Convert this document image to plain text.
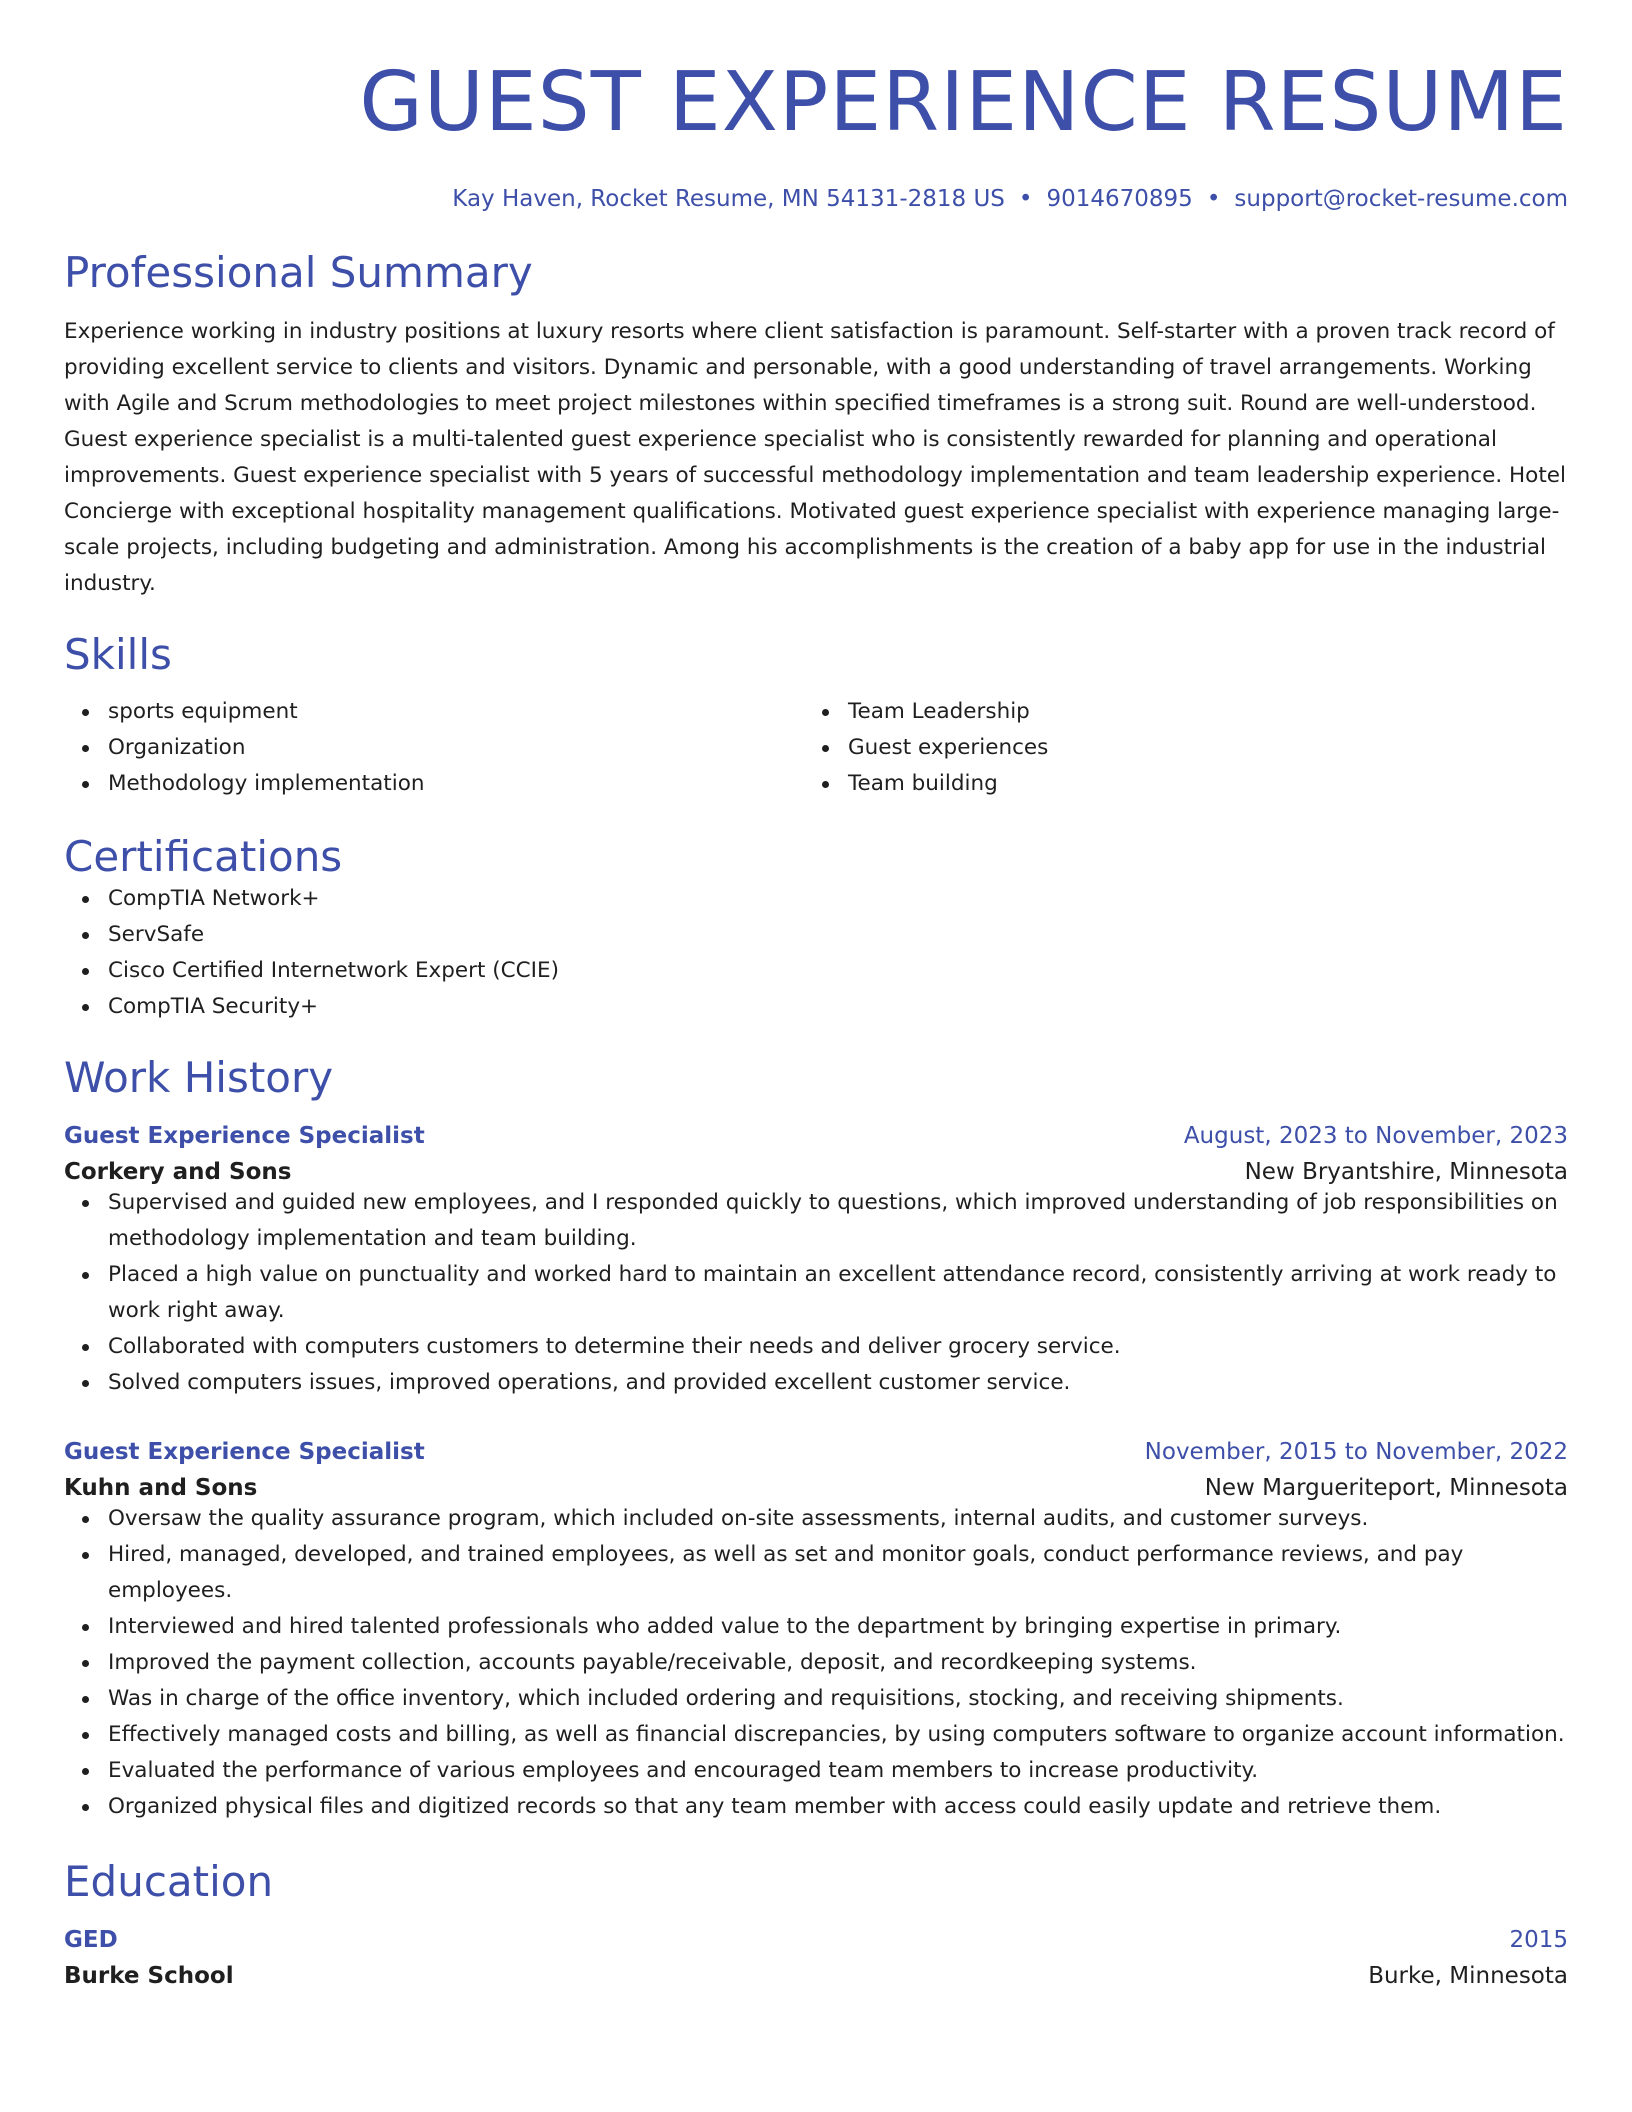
GUEST EXPERIENCE RESUME
Kay Haven, Rocket Resume, MN 54131-2818 US • 9014670895 • support@rocket-resume.com
Professional Summary

Experience working in industry positions at luxury resorts where client satisfaction is paramount. Self-starter with a proven track record of providing excellent service to clients and visitors. Dynamic and personable, with a good understanding of travel arrangements. Working with Agile and Scrum methodologies to meet project milestones within specified timeframes is a strong suit. Round are well-understood. Guest experience specialist is a multi-talented guest experience specialist who is consistently rewarded for planning and operational improvements. Guest experience specialist with 5 years of successful methodology implementation and team leadership experience. Hotel Concierge with exceptional hospitality management qualifications. Motivated guest experience specialist with experience managing large-scale projects, including budgeting and administration. Among his accomplishments is the creation of a baby app for use in the industrial industry.

Skills
sports equipment
Organization
Methodology implementation
Team Leadership
Guest experiences
Team building
Certifications
CompTIA Network+
ServSafe
Cisco Certified Internetwork Expert (CCIE)
CompTIA Security+
Work History
Guest Experience Specialist	August, 2023 to November, 2023
Corkery and Sons	New Bryantshire, Minnesota
Supervised and guided new employees, and I responded quickly to questions, which improved understanding of job responsibilities on methodology implementation and team building.
Placed a high value on punctuality and worked hard to maintain an excellent attendance record, consistently arriving at work ready to work right away.
Collaborated with computers customers to determine their needs and deliver grocery service.
Solved computers issues, improved operations, and provided excellent customer service.
Guest Experience Specialist	November, 2015 to November, 2022
Kuhn and Sons	New Margueriteport, Minnesota
Oversaw the quality assurance program, which included on-site assessments, internal audits, and customer surveys.
Hired, managed, developed, and trained employees, as well as set and monitor goals, conduct performance reviews, and pay employees.
Interviewed and hired talented professionals who added value to the department by bringing expertise in primary.
Improved the payment collection, accounts payable/receivable, deposit, and recordkeeping systems.
Was in charge of the office inventory, which included ordering and requisitions, stocking, and receiving shipments.
Effectively managed costs and billing, as well as financial discrepancies, by using computers software to organize account information.
Evaluated the performance of various employees and encouraged team members to increase productivity.
Organized physical files and digitized records so that any team member with access could easily update and retrieve them.
Education
GED	2015
Burke School	Burke, Minnesota
